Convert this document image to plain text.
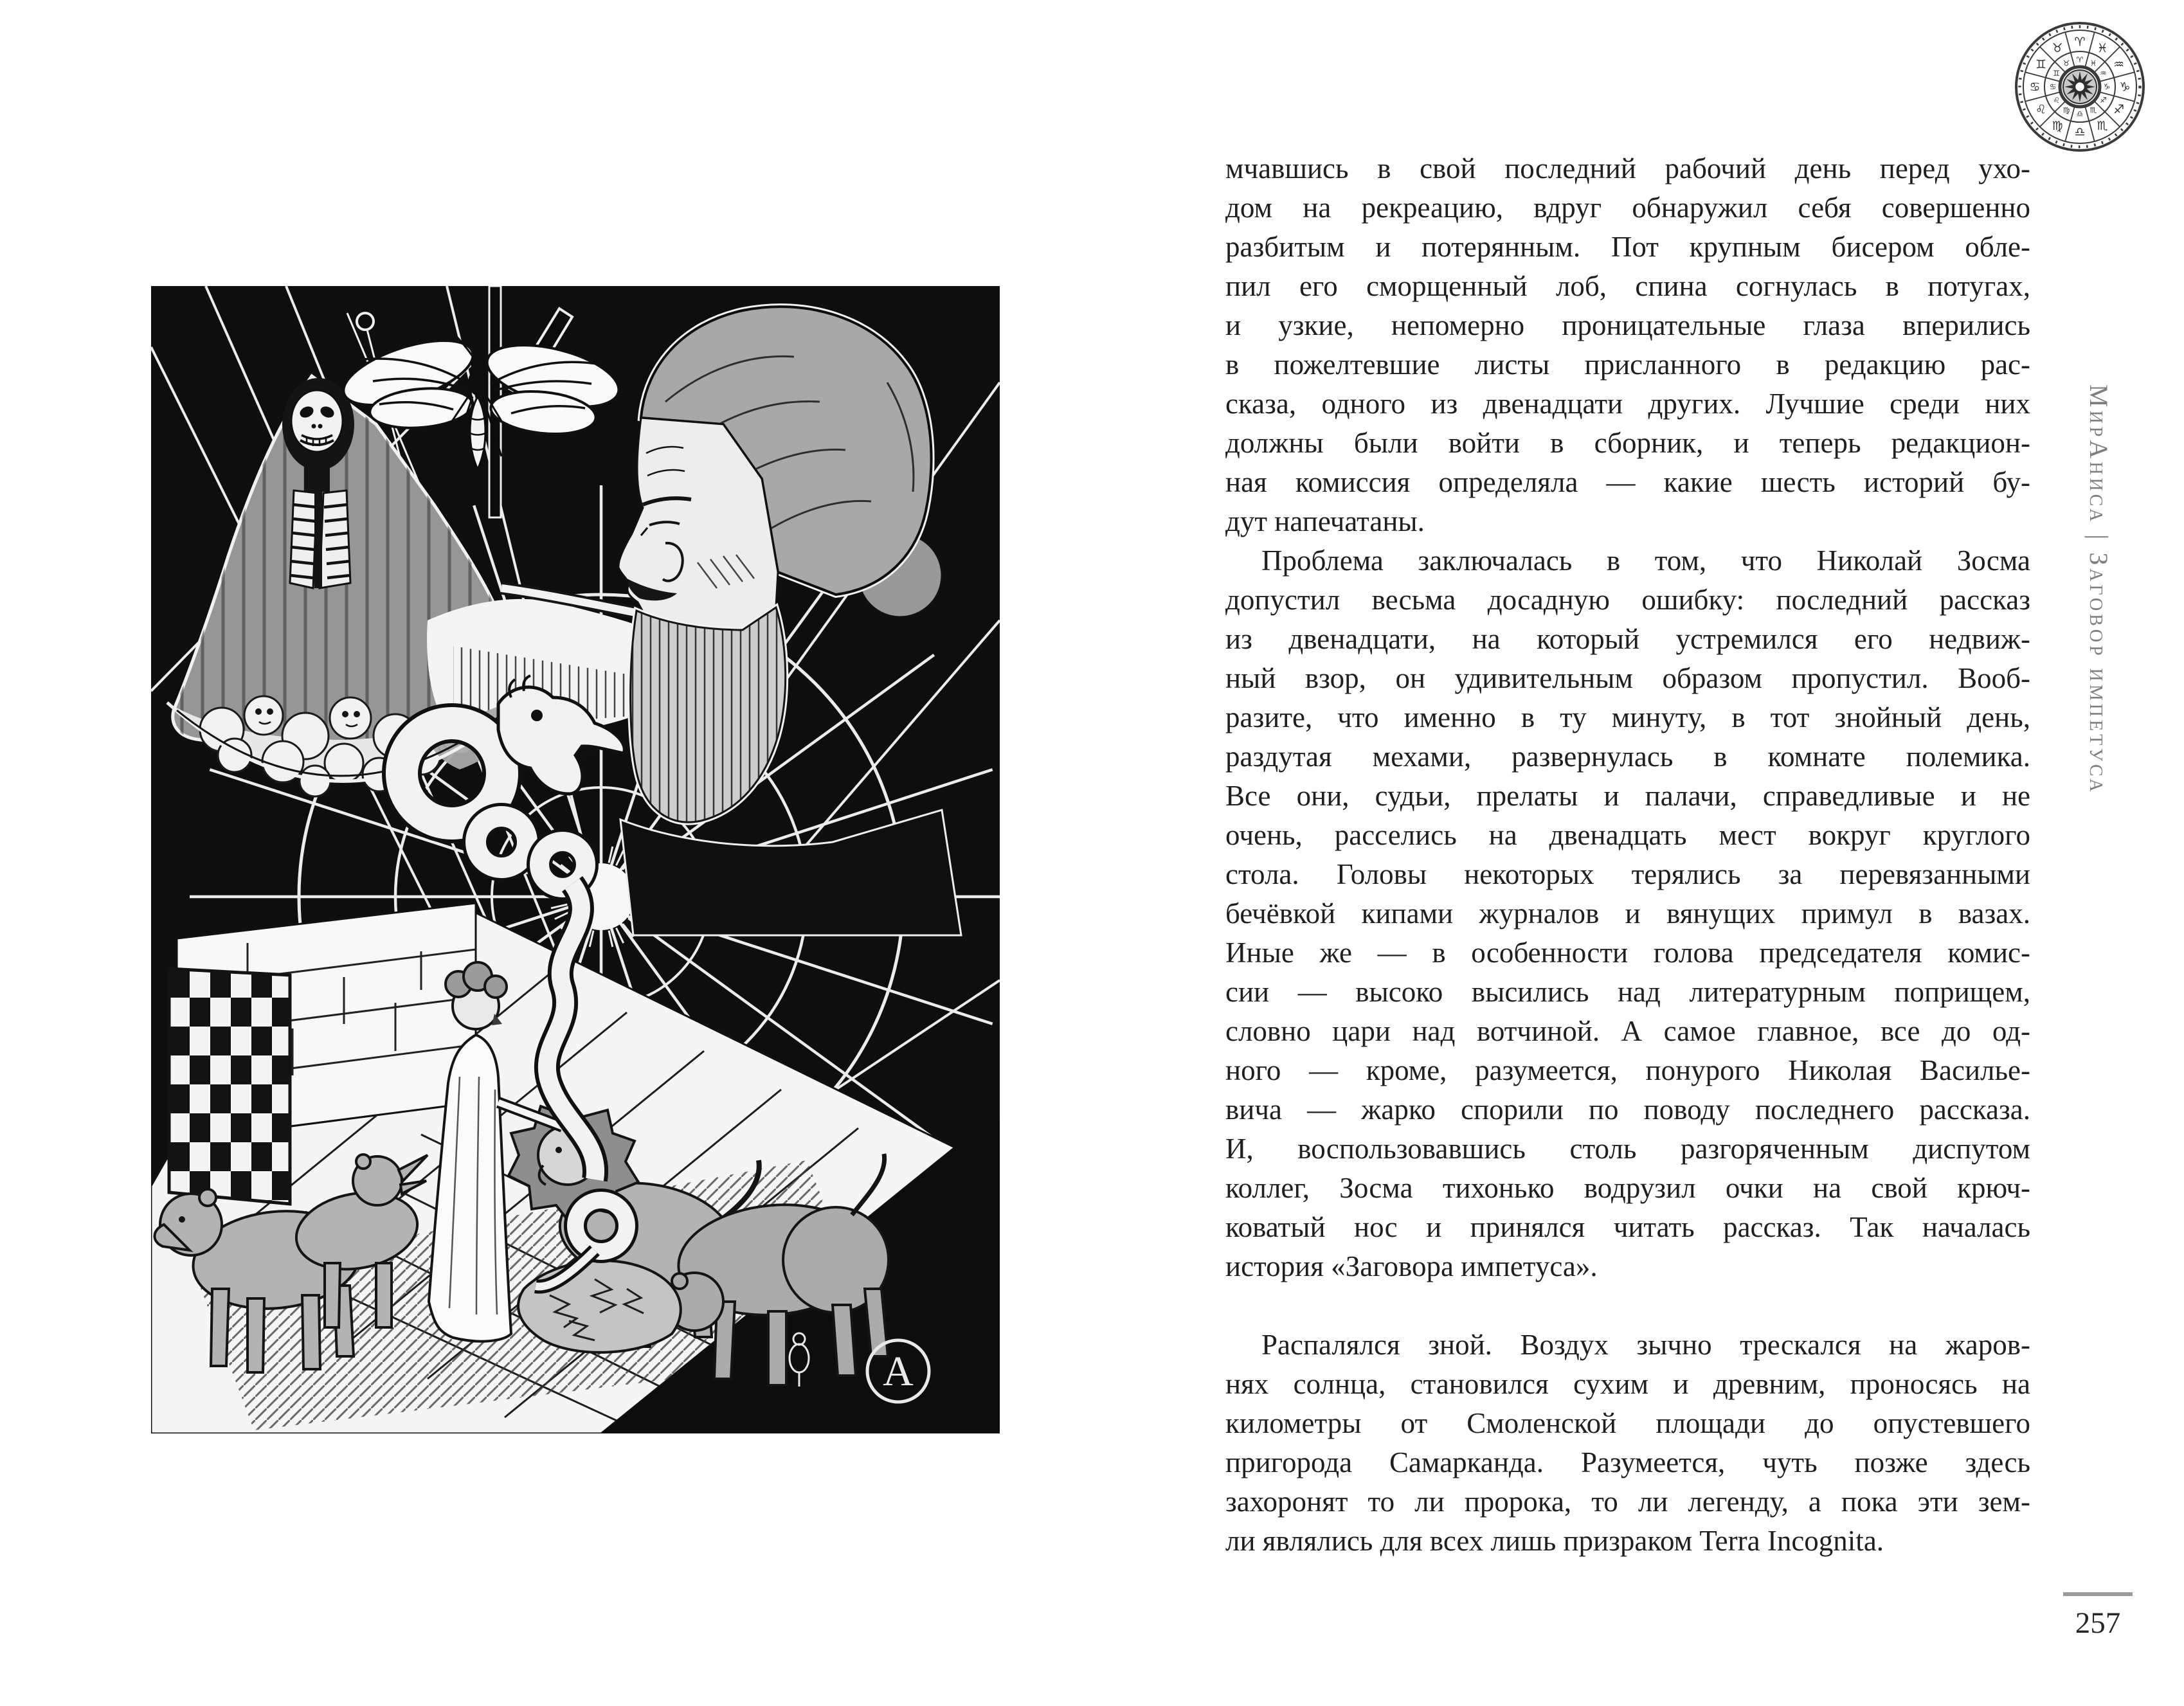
♈
♉
♊
♋
♌
♍ ♎ ♏
♐
♑
♒
♓
♈
♉
♊
♋
♌
♍ ♎ ♏
♐
♑
♒
♓
А
мчавшись в свой последний рабочий день перед ухо-
дом на рекреацию, вдруг обнаружил себя совершенно
разбитым и потерянным. Пот крупным бисером обле-
пил его сморщенный лоб, спина согнулась в потугах,
и узкие, непомерно проницательные глаза вперились
в пожелтевшие листы присланного в редакцию рас-
сказа, одного из двенадцати других. Лучшие среди них
должны были войти в сборник, и теперь редакцион-
ная комиссия определяла — какие шесть историй бу-
дут напечатаны.
Проблема заключалась в том, что Николай Зосма
допустил весьма досадную ошибку: последний рассказ
из двенадцати, на который устремился его недвиж-
ный взор, он удивительным образом пропустил. Вооб-
разите, что именно в ту минуту, в тот знойный день,
раздутая мехами, развернулась в комнате полемика.
Все они, судьи, прелаты и палачи, справедливые и не
очень, расселись на двенадцать мест вокруг круглого
стола. Головы некоторых терялись за перевязанными
бечёвкой кипами журналов и вянущих примул в вазах.
Иные же — в особенности голова председателя комис-
сии — высоко высились над литературным поприщем,
словно цари над вотчиной. А самое главное, все до од-
ного — кроме, разумеется, понурого Николая Василье-
вича — жарко спорили по поводу последнего рассказа.
И, воспользовавшись столь разгоряченным диспутом
коллег, Зосма тихонько водрузил очки на свой крюч-
коватый нос и принялся читать рассказ. Так началась
история «Заговора импетуса».
Распалялся зной. Воздух зычно трескался на жаров-
нях солнца, становился сухим и древним, проносясь на
километры от Смоленской площади до опустевшего
пригорода Самарканда. Разумеется, чуть позже здесь
захоронят то ли пророка, то ли легенду, а пока эти зем-
ли являлись для всех лишь призраком Terra Incognita.
МирАниса | Заговор импетуса
257
